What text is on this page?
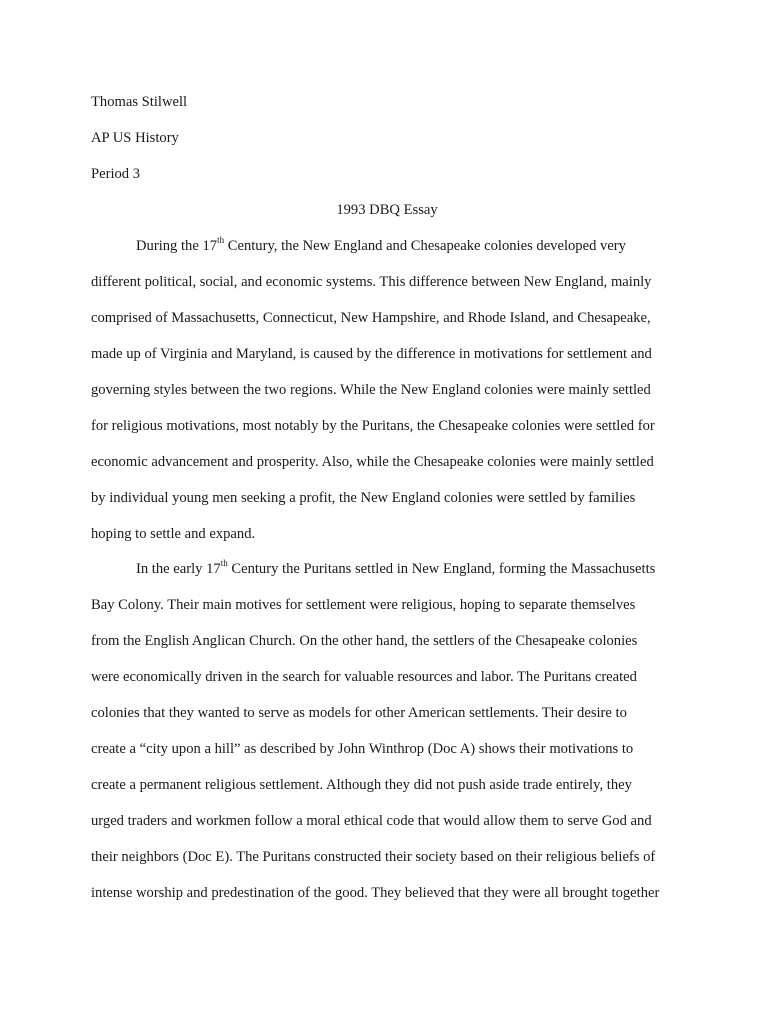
Thomas Stilwell
AP US History
Period 3
1993 DBQ Essay
During the 17th Century, the New England and Chesapeake colonies developed very
different political, social, and economic systems. This difference between New England, mainly
comprised of Massachusetts, Connecticut, New Hampshire, and Rhode Island, and Chesapeake,
made up of Virginia and Maryland, is caused by the difference in motivations for settlement and
governing styles between the two regions. While the New England colonies were mainly settled
for religious motivations, most notably by the Puritans, the Chesapeake colonies were settled for
economic advancement and prosperity. Also, while the Chesapeake colonies were mainly settled
by individual young men seeking a profit, the New England colonies were settled by families
hoping to settle and expand.
In the early 17th Century the Puritans settled in New England, forming the Massachusetts
Bay Colony. Their main motives for settlement were religious, hoping to separate themselves
from the English Anglican Church. On the other hand, the settlers of the Chesapeake colonies
were economically driven in the search for valuable resources and labor. The Puritans created
colonies that they wanted to serve as models for other American settlements. Their desire to
create a “city upon a hill” as described by John Winthrop (Doc A) shows their motivations to
create a permanent religious settlement. Although they did not push aside trade entirely, they
urged traders and workmen follow a moral ethical code that would allow them to serve God and
their neighbors (Doc E). The Puritans constructed their society based on their religious beliefs of
intense worship and predestination of the good. They believed that they were all brought together
